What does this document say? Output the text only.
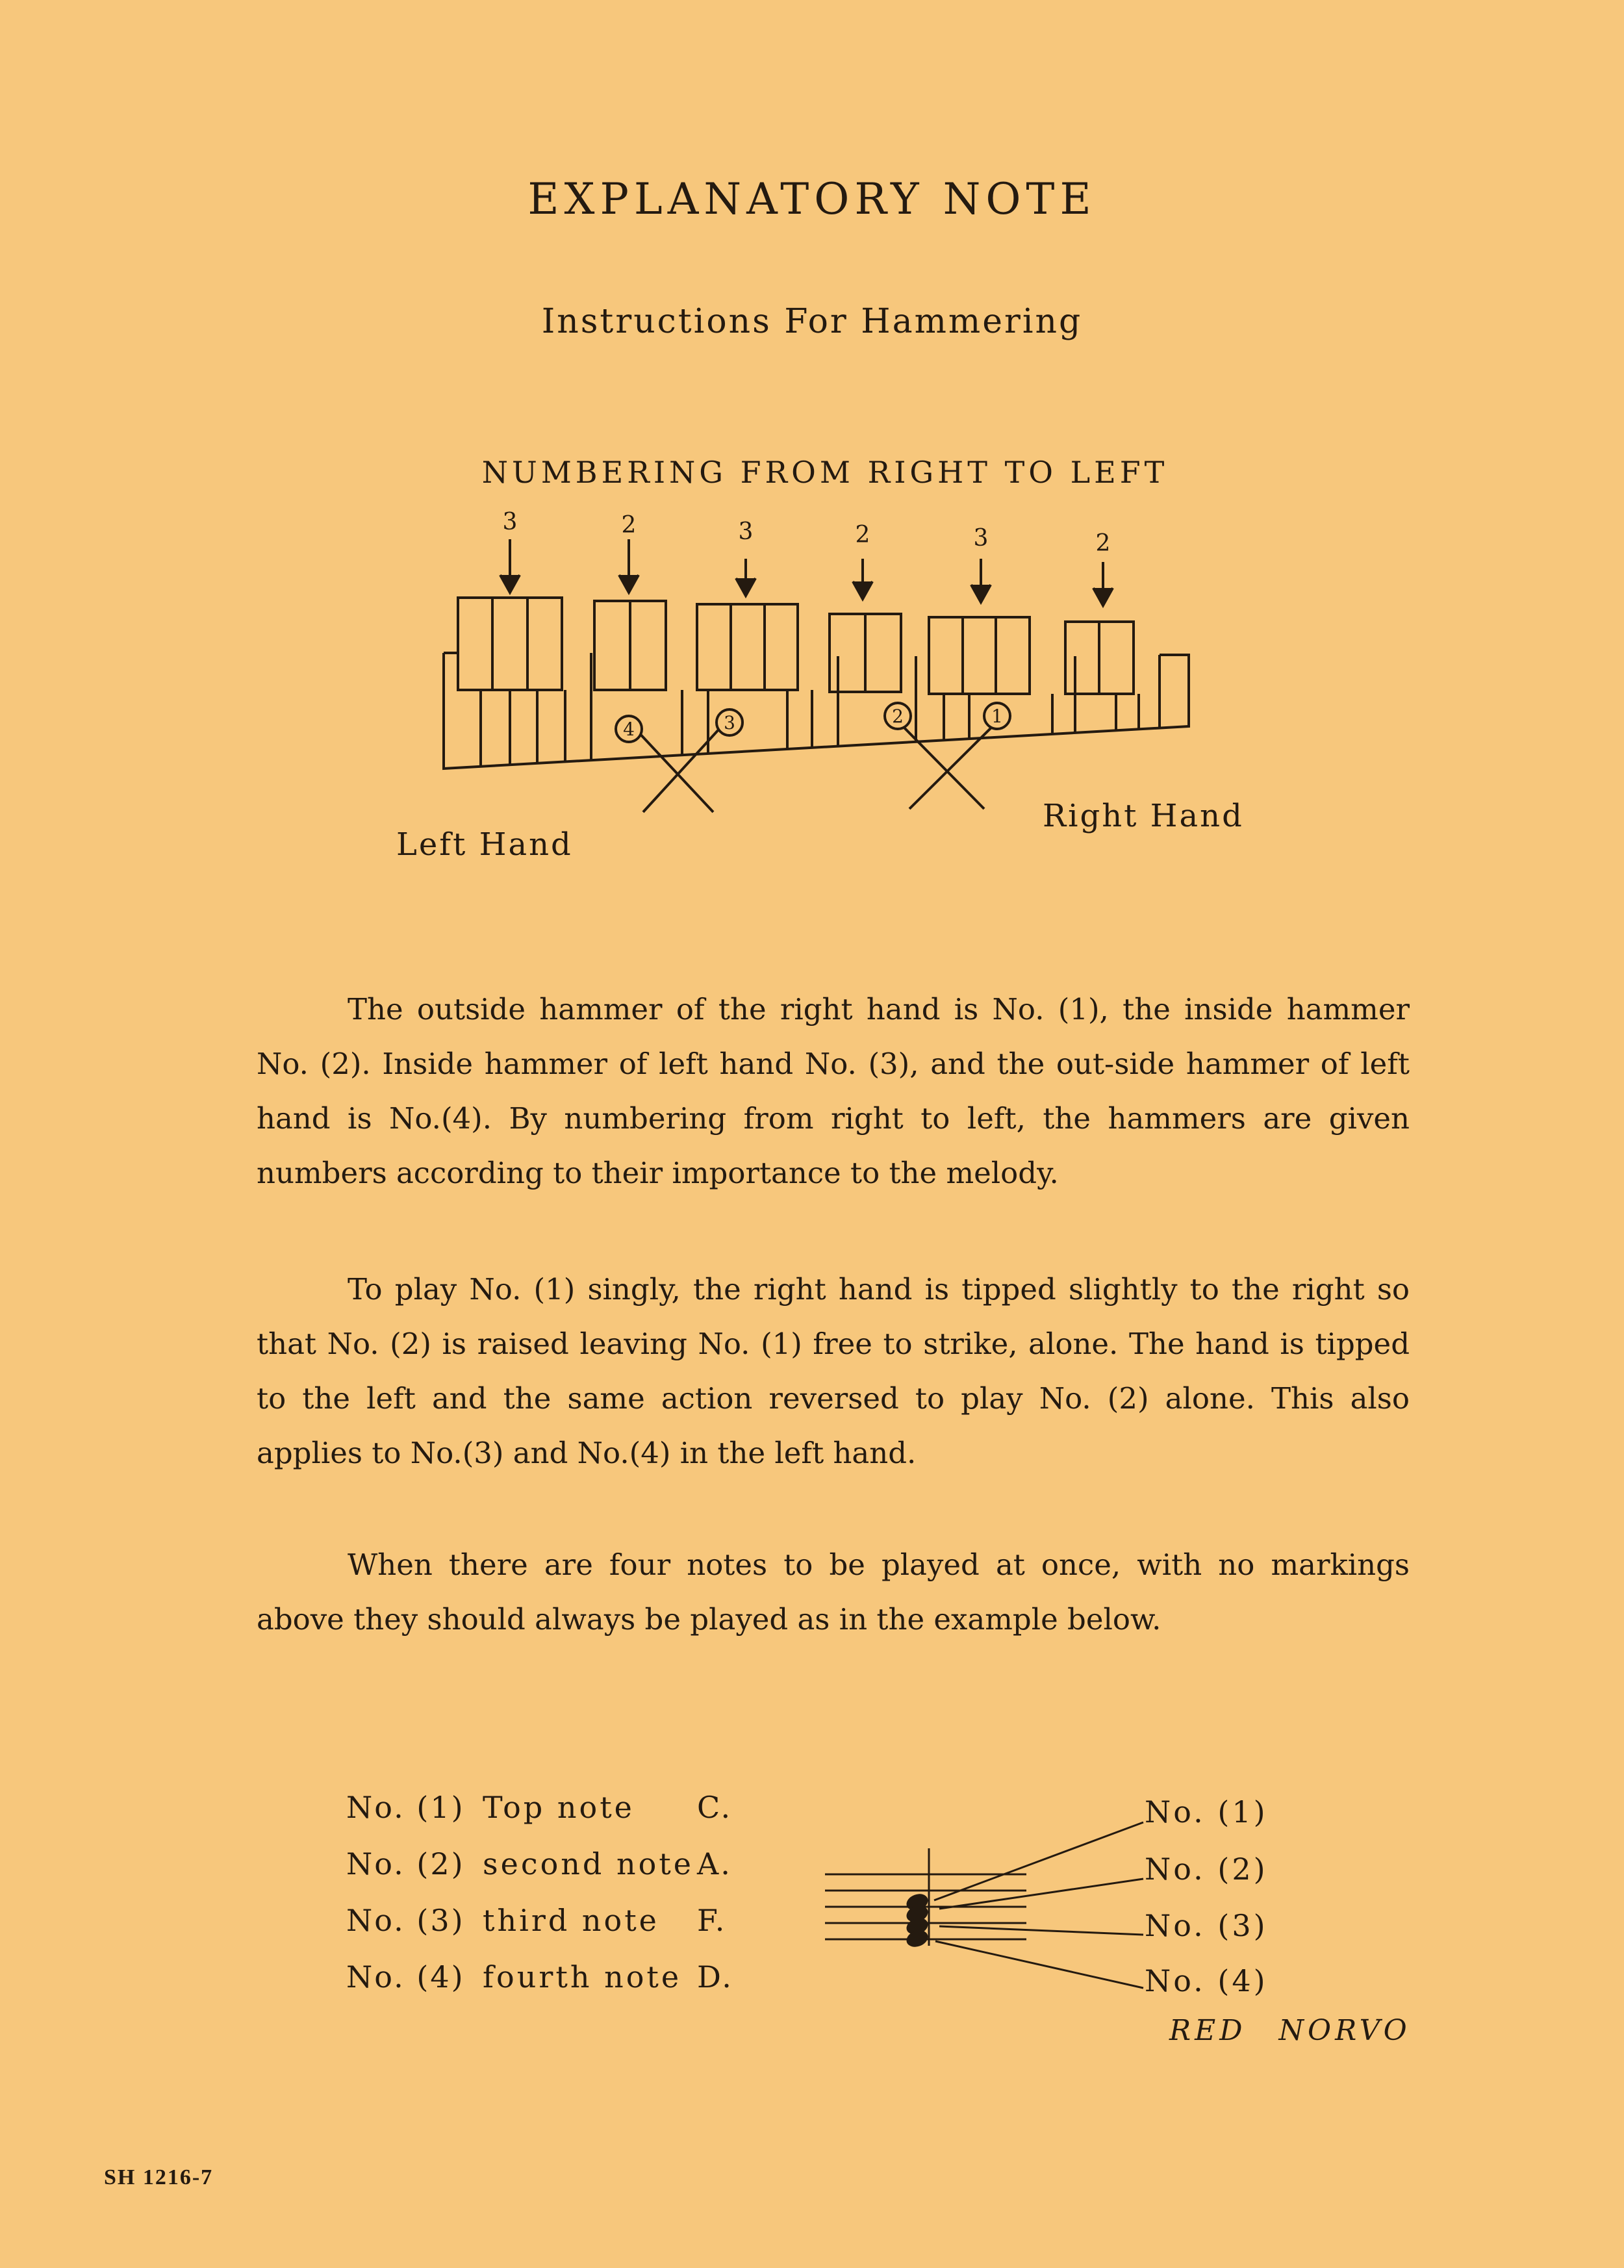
EXPLANATORY NOTE
Instructions For Hammering
NUMBERING FROM RIGHT TO LEFT
3	2	3	2	3	2
4	3	2	1
Left Hand
Right Hand
The outside hammer of the right hand is No. (1), the inside hammer No. (2). Inside hammer of left hand No. (3), and the out-side hammer of left hand is No.(4). By numbering from right to left, the hammers are given numbers according to their importance to the melody.
To play No. (1) singly, the right hand is tipped slightly to the right so that No. (2) is raised leaving No. (1) free to strike, alone. The hand is tipped to the left and the same action reversed to play No. (2) alone. This also applies to No.(3) and No.(4) in the left hand.
When there are four notes to be played at once, with no markings above they should always be played as in the example below.
No. (1) Top note C.
No. (2) second note A.
No. (3) third note F.
No. (4) fourth note D.
No. (1)
No. (2)
No. (3)
No. (4)
RED NORVO
SH 1216-7
